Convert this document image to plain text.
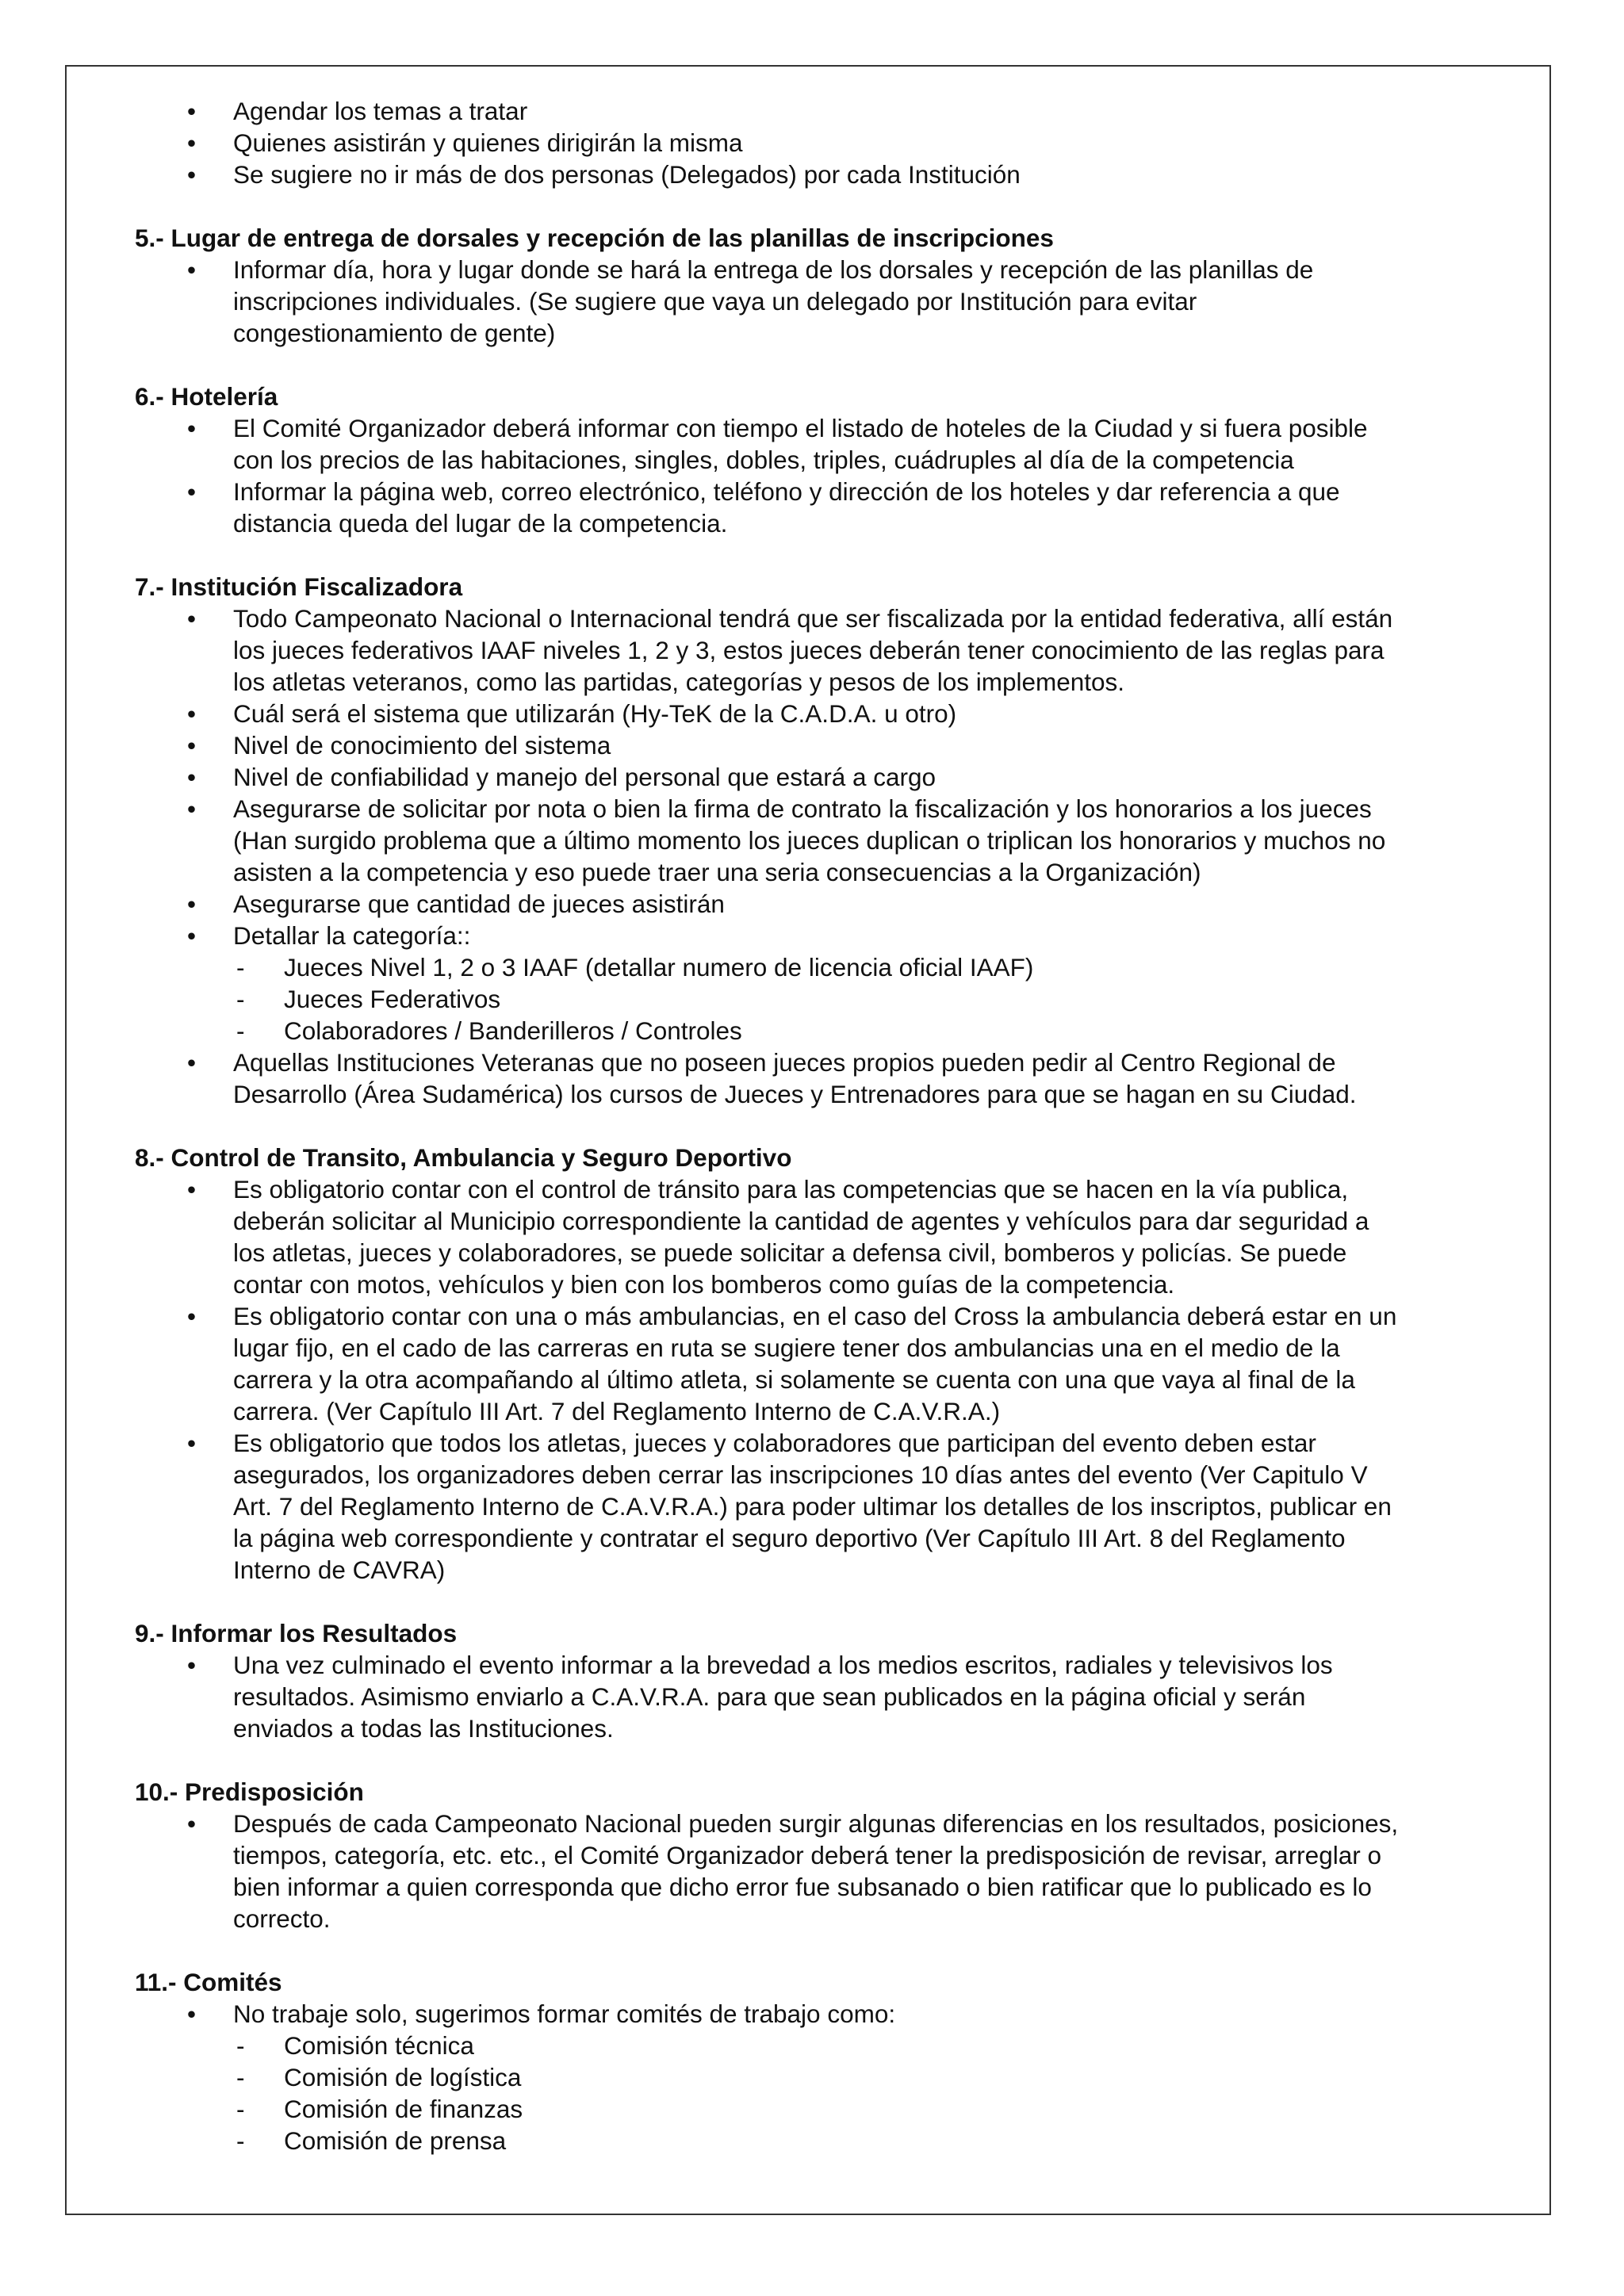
• Agendar los temas a tratar
• Quienes asistirán y quienes dirigirán la misma
• Se sugiere no ir más de dos personas (Delegados) por cada Institución
5.- Lugar de entrega de dorsales y recepción de las planillas de inscripciones
• Informar día, hora y lugar donde se hará la entrega de los dorsales y recepción de las planillas de
inscripciones individuales. (Se sugiere que vaya un delegado por Institución para evitar
congestionamiento de gente)
6.- Hotelería
• El Comité Organizador deberá informar con tiempo el listado de hoteles de la Ciudad y si fuera posible
con los precios de las habitaciones, singles, dobles, triples, cuádruples al día de la competencia
• Informar la página web, correo electrónico, teléfono y dirección de los hoteles y dar referencia a que
distancia queda del lugar de la competencia.
7.- Institución Fiscalizadora
• Todo Campeonato Nacional o Internacional tendrá que ser fiscalizada por la entidad federativa, allí están
los jueces federativos IAAF niveles 1, 2 y 3, estos jueces deberán tener conocimiento de las reglas para
los atletas veteranos, como las partidas, categorías y pesos de los implementos.
• Cuál será el sistema que utilizarán (Hy-TeK de la C.A.D.A. u otro)
• Nivel de conocimiento del sistema
• Nivel de confiabilidad y manejo del personal que estará a cargo
• Asegurarse de solicitar por nota o bien la firma de contrato la fiscalización y los honorarios a los jueces
(Han surgido problema que a último momento los jueces duplican o triplican los honorarios y muchos no
asisten a la competencia y eso puede traer una seria consecuencias a la Organización)
• Asegurarse que cantidad de jueces asistirán
• Detallar la categoría::
- Jueces Nivel 1, 2 o 3 IAAF (detallar numero de licencia oficial IAAF)
- Jueces Federativos
- Colaboradores / Banderilleros / Controles
• Aquellas Instituciones Veteranas que no poseen jueces propios pueden pedir al Centro Regional de
Desarrollo (Área Sudamérica) los cursos de Jueces y Entrenadores para que se hagan en su Ciudad.
8.- Control de Transito, Ambulancia y Seguro Deportivo
• Es obligatorio contar con el control de tránsito para las competencias que se hacen en la vía publica,
deberán solicitar al Municipio correspondiente la cantidad de agentes y vehículos para dar seguridad a
los atletas, jueces y colaboradores, se puede solicitar a defensa civil, bomberos y policías. Se puede
contar con motos, vehículos y bien con los bomberos como guías de la competencia.
• Es obligatorio contar con una o más ambulancias, en el caso del Cross la ambulancia deberá estar en un
lugar fijo, en el cado de las carreras en ruta se sugiere tener dos ambulancias una en el medio de la
carrera y la otra acompañando al último atleta, si solamente se cuenta con una que vaya al final de la
carrera. (Ver Capítulo III Art. 7 del Reglamento Interno de C.A.V.R.A.)
• Es obligatorio que todos los atletas, jueces y colaboradores que participan del evento deben estar
asegurados, los organizadores deben cerrar las inscripciones 10 días antes del evento (Ver Capitulo V
Art. 7 del Reglamento Interno de C.A.V.R.A.) para poder ultimar los detalles de los inscriptos, publicar en
la página web correspondiente y contratar el seguro deportivo (Ver Capítulo III Art. 8 del Reglamento
Interno de CAVRA)
9.- Informar los Resultados
• Una vez culminado el evento informar a la brevedad a los medios escritos, radiales y televisivos los
resultados. Asimismo enviarlo a C.A.V.R.A. para que sean publicados en la página oficial y serán
enviados a todas las Instituciones.
10.- Predisposición
• Después de cada Campeonato Nacional pueden surgir algunas diferencias en los resultados, posiciones,
tiempos, categoría, etc. etc., el Comité Organizador deberá tener la predisposición de revisar, arreglar o
bien informar a quien corresponda que dicho error fue subsanado o bien ratificar que lo publicado es lo
correcto.
11.- Comités
• No trabaje solo, sugerimos formar comités de trabajo como:
- Comisión técnica
- Comisión de logística
- Comisión de finanzas
- Comisión de prensa
